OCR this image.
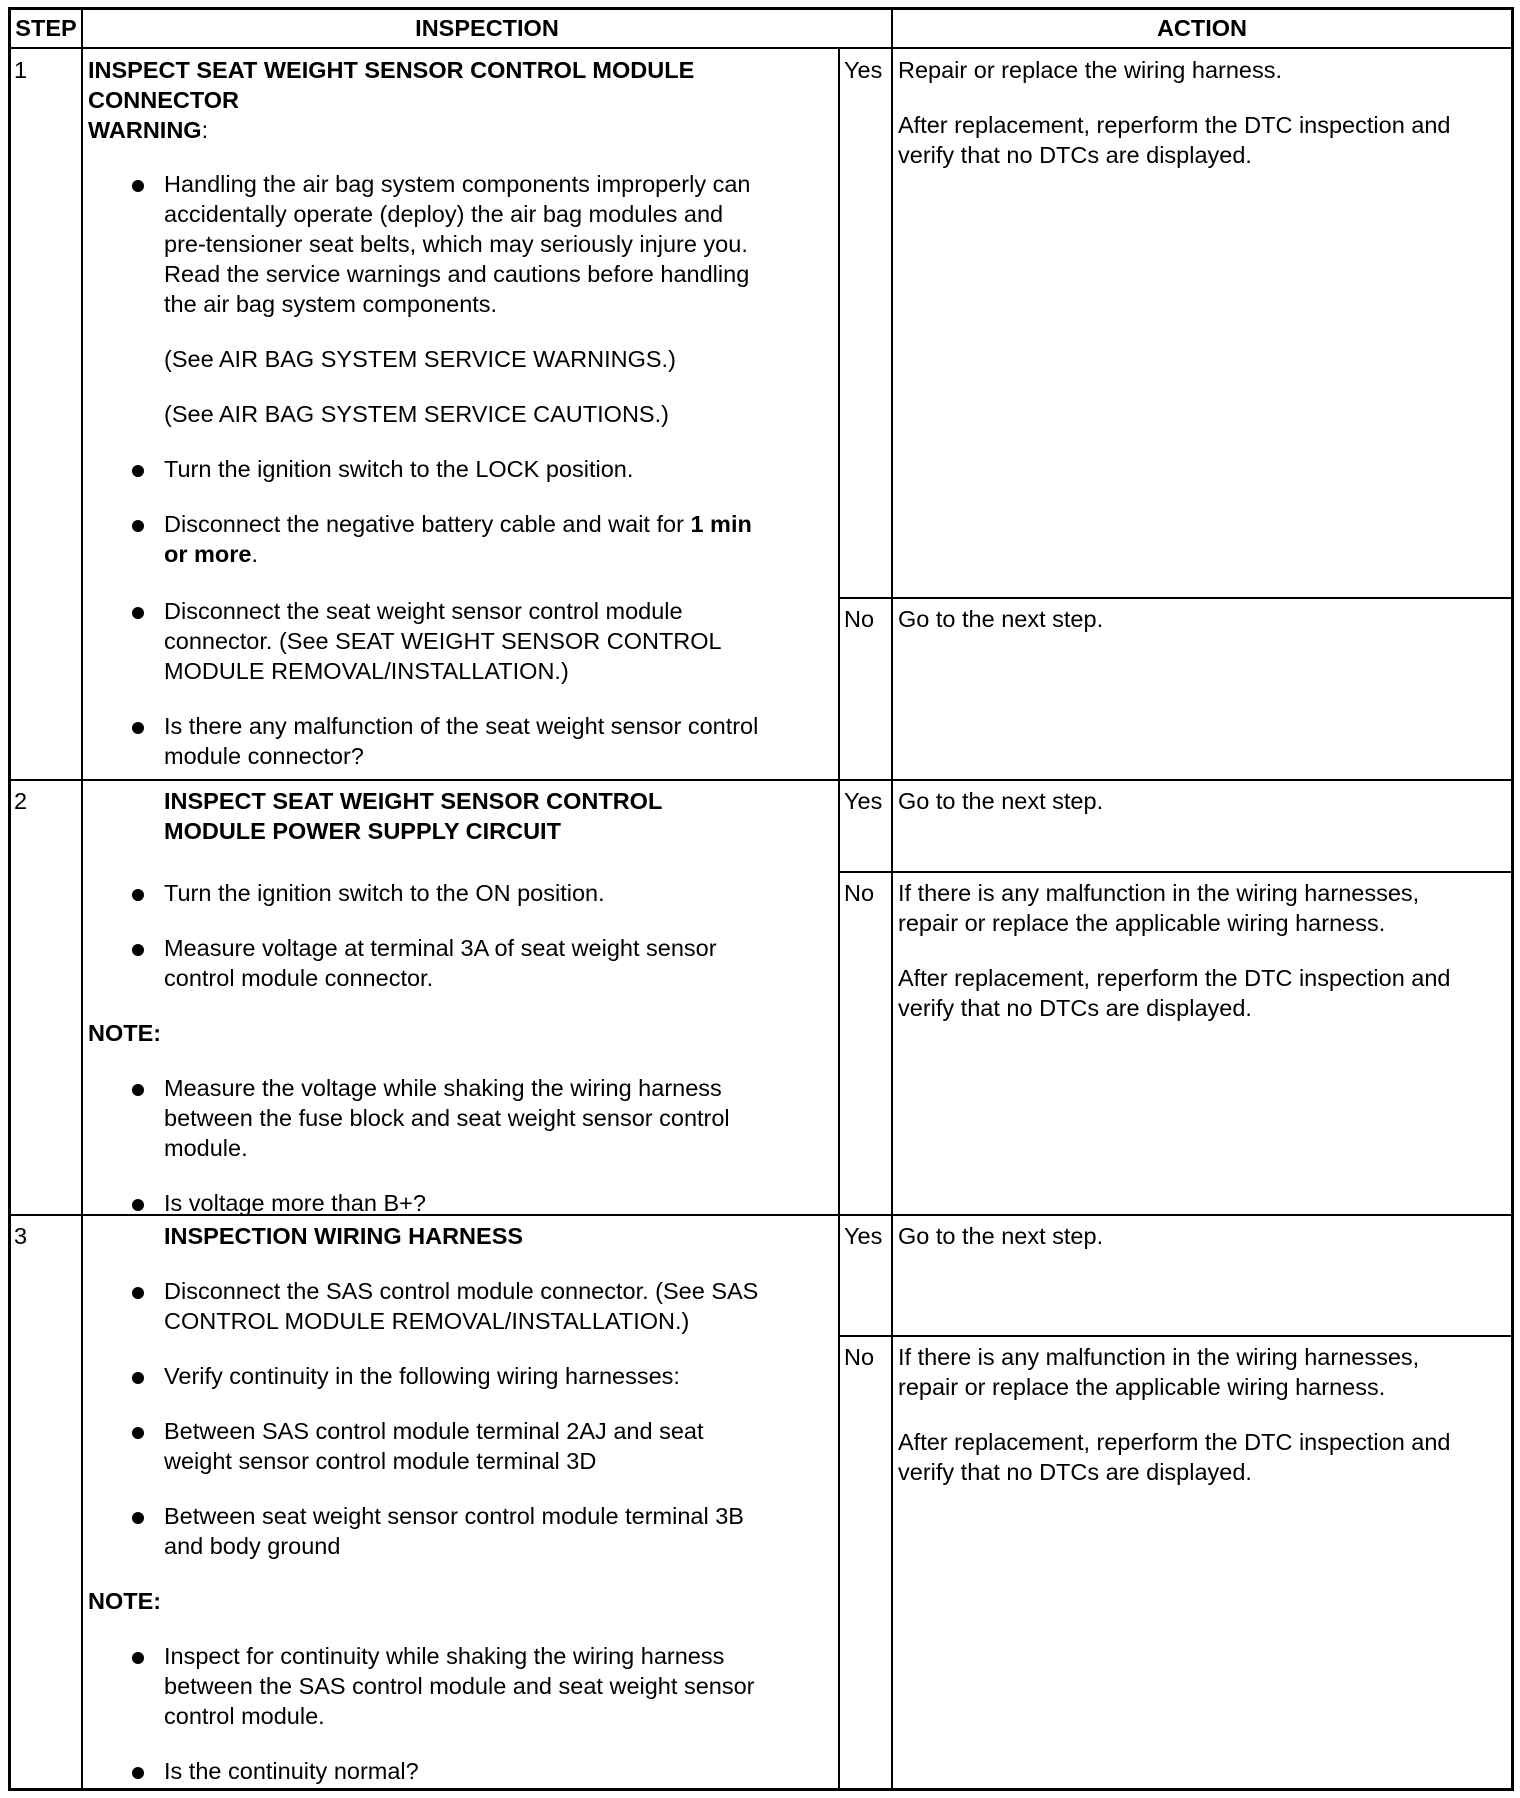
STEP	INSPECTION	ACTION
1	INSPECT SEAT WEIGHT SENSOR CONTROL MODULE
CONNECTOR
WARNING:
Handling the air bag system components improperly can
accidentally operate (deploy) the air bag modules and
pre-tensioner seat belts, which may seriously injure you.
Read the service warnings and cautions before handling
the air bag system components.
(See AIR BAG SYSTEM SERVICE WARNINGS.)
(See AIR BAG SYSTEM SERVICE CAUTIONS.)
Turn the ignition switch to the LOCK position.
Disconnect the negative battery cable and wait for 1 min
or more.
Disconnect the seat weight sensor control module
connector. (See SEAT WEIGHT SENSOR CONTROL
MODULE REMOVAL/INSTALLATION.)
Is there any malfunction of the seat weight sensor control
module connector?
Yes Repair or replace the wiring harness.
After replacement, reperform the DTC inspection and
verify that no DTCs are displayed.
No Go to the next step.
2	INSPECT SEAT WEIGHT SENSOR CONTROL
MODULE POWER SUPPLY CIRCUIT
Turn the ignition switch to the ON position.
Measure voltage at terminal 3A of seat weight sensor
control module connector.
NOTE:
Measure the voltage while shaking the wiring harness
between the fuse block and seat weight sensor control
module.
Is voltage more than B+?
Yes Go to the next step.
No If there is any malfunction in the wiring harnesses,
repair or replace the applicable wiring harness.
After replacement, reperform the DTC inspection and
verify that no DTCs are displayed.
3	INSPECTION WIRING HARNESS
Disconnect the SAS control module connector. (See SAS
CONTROL MODULE REMOVAL/INSTALLATION.)
Verify continuity in the following wiring harnesses:
Between SAS control module terminal 2AJ and seat
weight sensor control module terminal 3D
Between seat weight sensor control module terminal 3B
and body ground
NOTE:
Inspect for continuity while shaking the wiring harness
between the SAS control module and seat weight sensor
control module.
Is the continuity normal?
Yes Go to the next step.
No If there is any malfunction in the wiring harnesses,
repair or replace the applicable wiring harness.
After replacement, reperform the DTC inspection and
verify that no DTCs are displayed.
